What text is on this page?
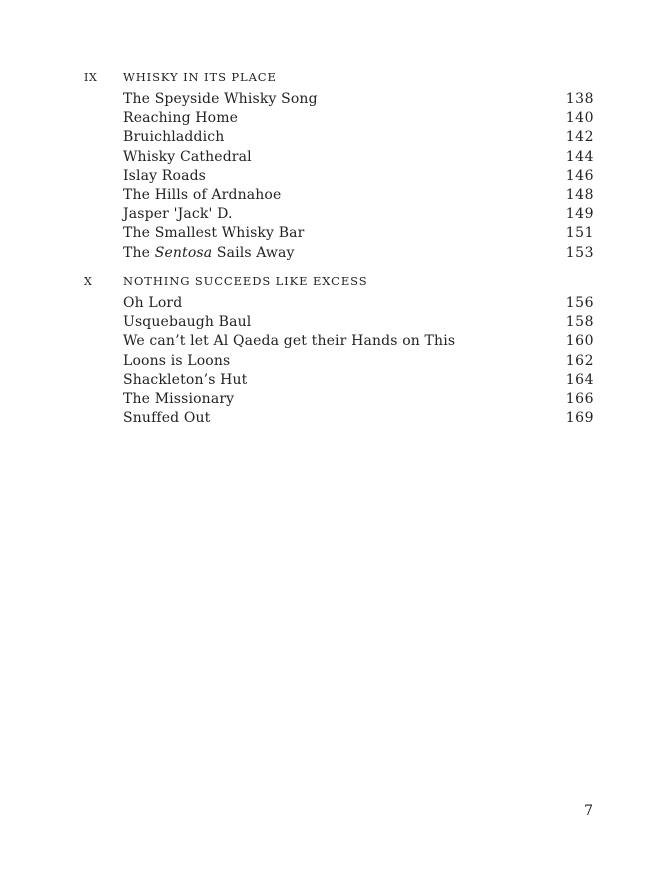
IX	WHISKY IN ITS PLACE
The Speyside Whisky Song	138
Reaching Home	140
Bruichladdich	142
Whisky Cathedral	144
Islay Roads	146
The Hills of Ardnahoe	148
Jasper 'Jack' D.	149
The Smallest Whisky Bar	151
The Sentosa Sails Away	153
X	NOTHING SUCCEEDS LIKE EXCESS
Oh Lord	156
Usquebaugh Baul	158
We can’t let Al Qaeda get their Hands on This	160
Loons is Loons	162
Shackleton’s Hut	164
The Missionary	166
Snuffed Out	169
7
